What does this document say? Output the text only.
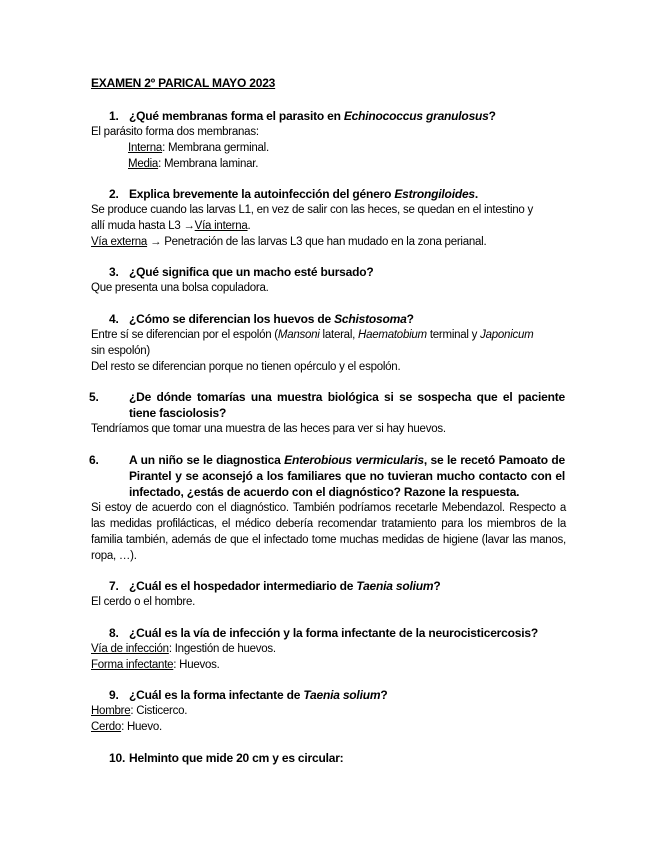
EXAMEN 2º PARICAL MAYO 2023
1. ¿Qué membranas forma el parasito en Echinococcus granulosus?
El parásito forma dos membranas:
Interna: Membrana germinal.
Media: Membrana laminar.
2. Explica brevemente la autoinfección del género Estrongiloides.
Se produce cuando las larvas L1, en vez de salir con las heces, se quedan en el intestino y
allí muda hasta L3 →Vía interna.
Vía externa → Penetración de las larvas L3 que han mudado en la zona perianal.
3. ¿Qué significa que un macho esté bursado?
Que presenta una bolsa copuladora.
4. ¿Cómo se diferencian los huevos de Schistosoma?
Entre sí se diferencian por el espolón (Mansoni lateral, Haematobium terminal y Japonicum
sin espolón)
Del resto se diferencian porque no tienen opérculo y el espolón.
5.	¿De dónde tomarías una muestra biológica si se sospecha que el paciente tiene fasciolosis?
Tendríamos que tomar una muestra de las heces para ver si hay huevos.
6.	A un niño se le diagnostica Enterobious vermicularis, se le recetó Pamoato de Pirantel y se aconsejó a los familiares que no tuvieran mucho contacto con el infectado, ¿estás de acuerdo con el diagnóstico? Razone la respuesta.
Si estoy de acuerdo con el diagnóstico. También podríamos recetarle Mebendazol. Respecto a las medidas profilácticas, el médico debería recomendar tratamiento para los miembros de la familia también, además de que el infectado tome muchas medidas de higiene (lavar las manos, ropa, …).
7. ¿Cuál es el hospedador intermediario de Taenia solium?
El cerdo o el hombre.
8. ¿Cuál es la vía de infección y la forma infectante de la neurocisticercosis?
Vía de infección: Ingestión de huevos.
Forma infectante: Huevos.
9. ¿Cuál es la forma infectante de Taenia solium?
Hombre: Cisticerco.
Cerdo: Huevo.
10. Helminto que mide 20 cm y es circular:
